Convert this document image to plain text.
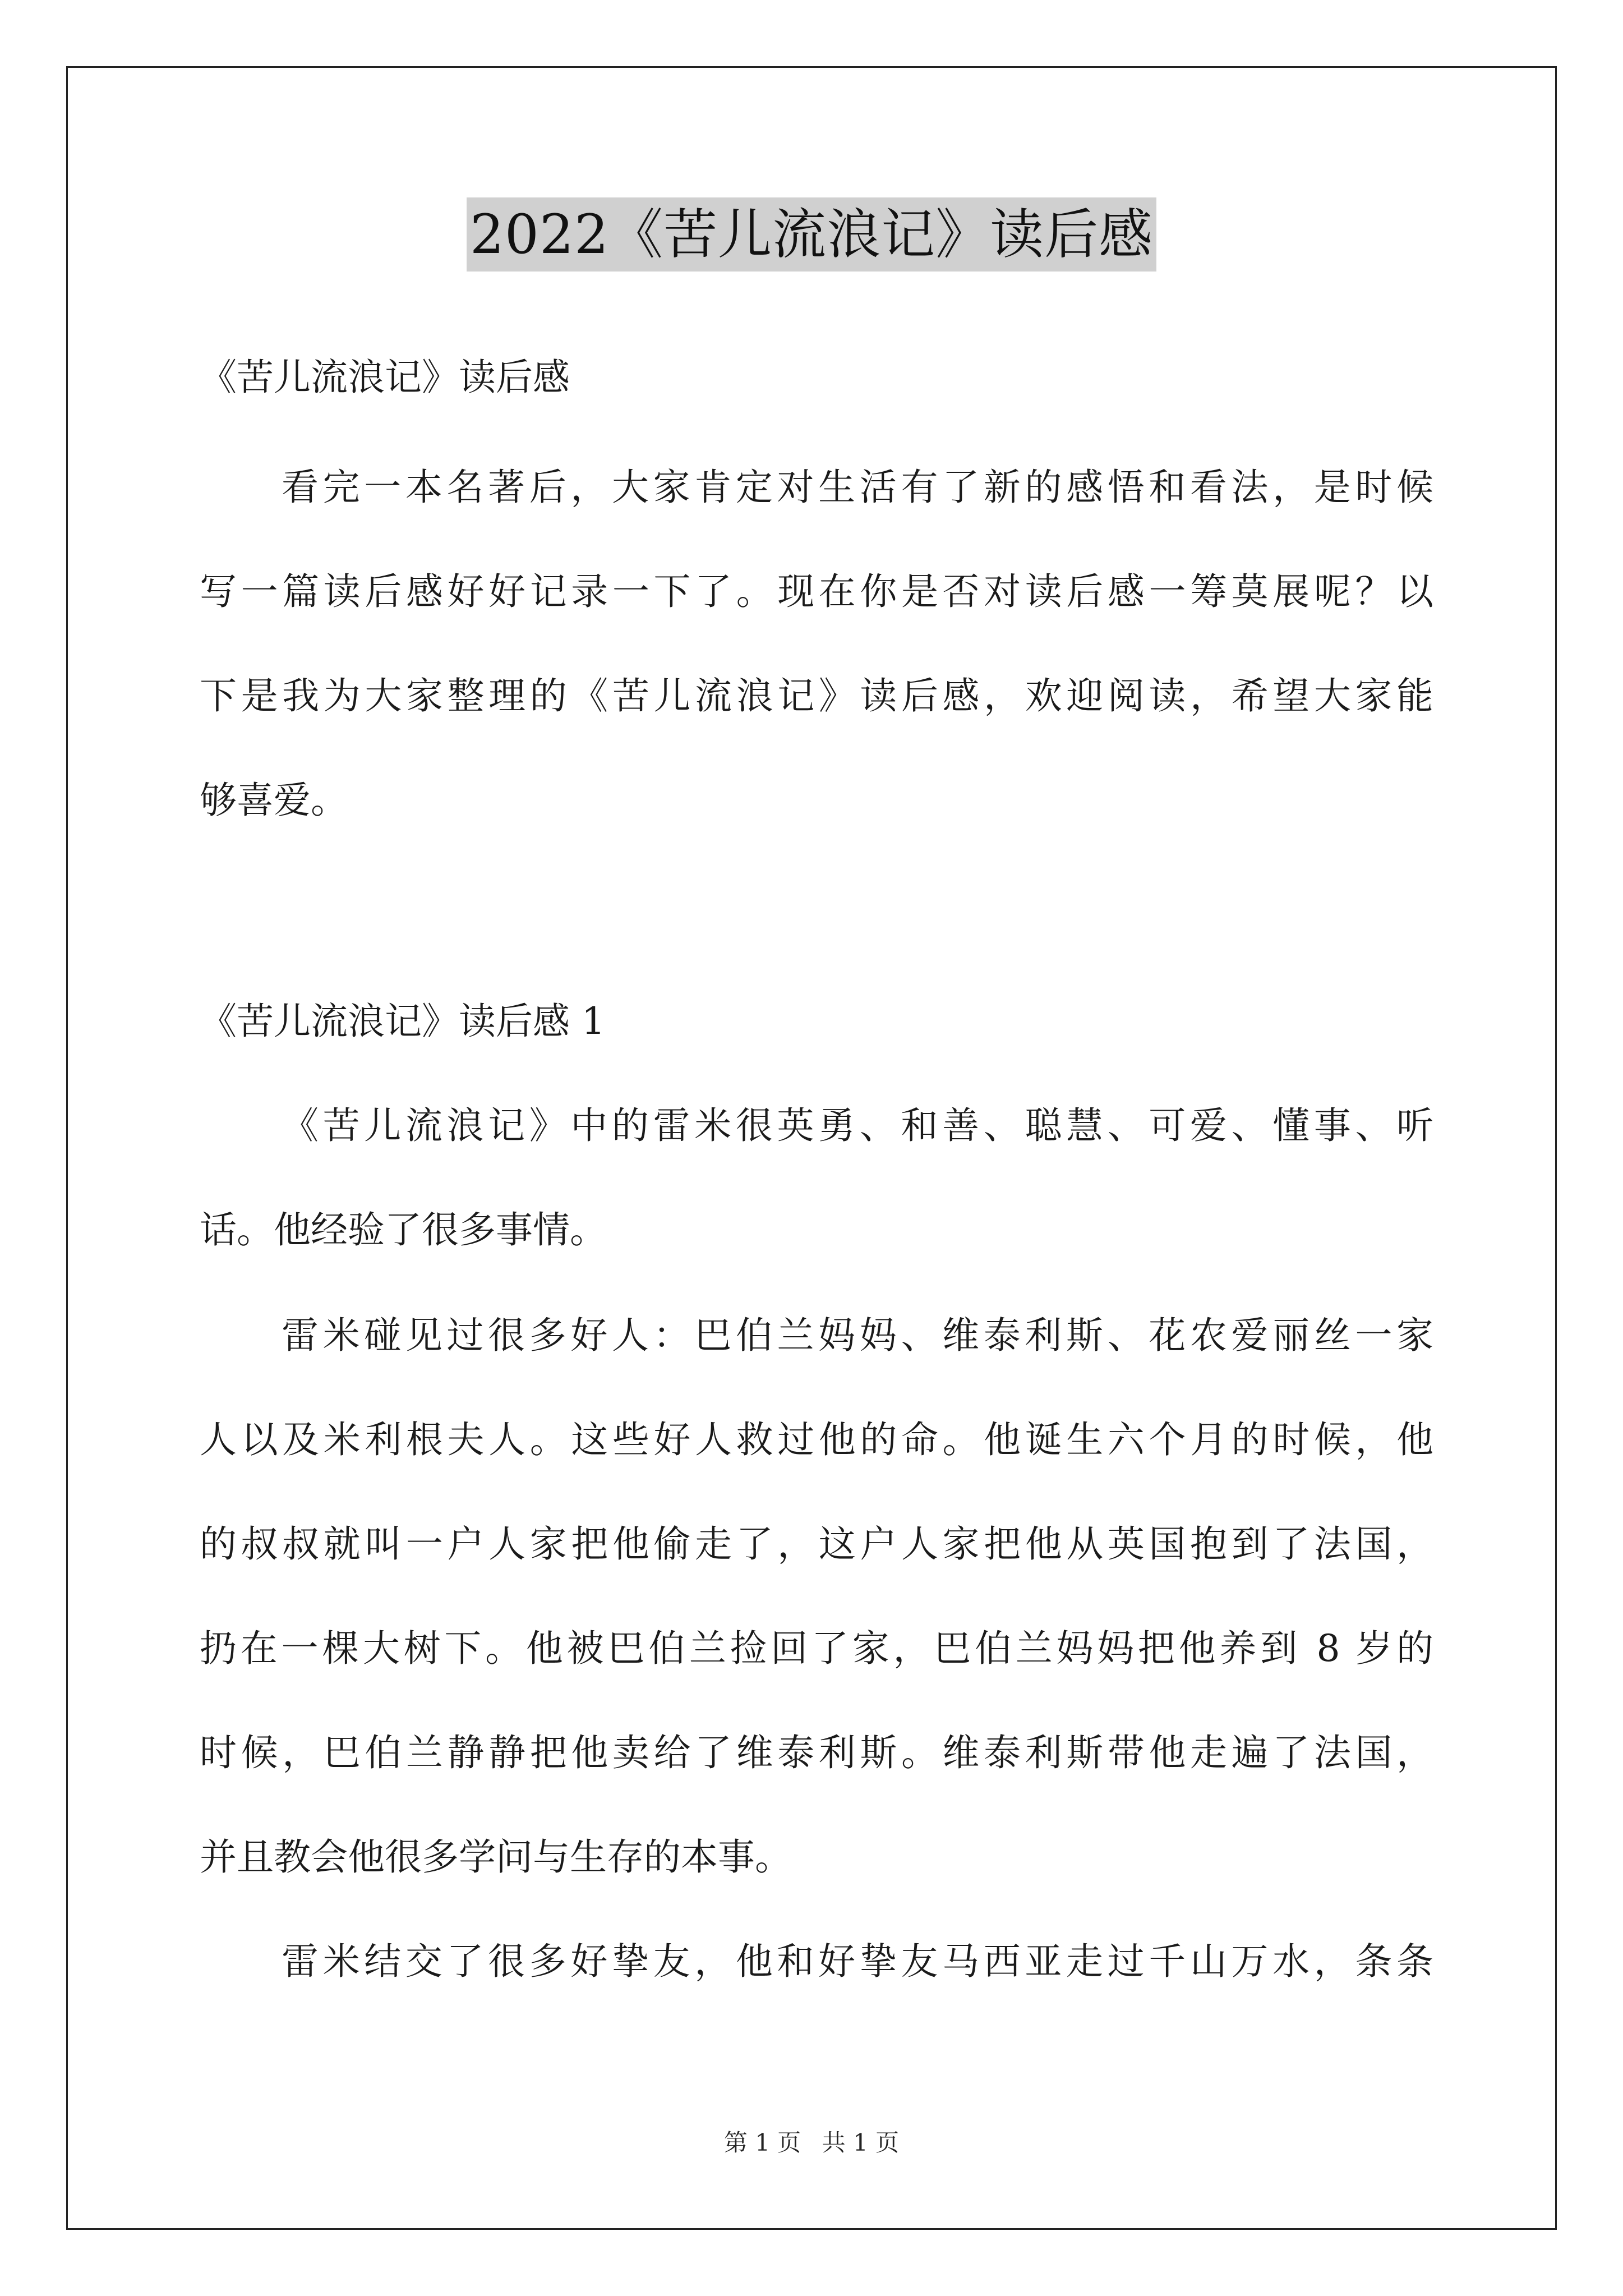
2022《苦儿流浪记》读后感
《苦儿流浪记》读后感
看完一本名著后，大家肯定对生活有了新的感悟和看法，是时候
写一篇读后感好好记录一下了。现在你是否对读后感一筹莫展呢？以
下是我为大家整理的《苦儿流浪记》读后感，欢迎阅读，希望大家能
够喜爱。
《苦儿流浪记》读后感 1
《苦儿流浪记》中的雷米很英勇、和善、聪慧、可爱、懂事、听
话。他经验了很多事情。
雷米碰见过很多好人：巴伯兰妈妈、维泰利斯、花农爱丽丝一家
人以及米利根夫人。这些好人救过他的命。他诞生六个月的时候，他
的叔叔就叫一户人家把他偷走了，这户人家把他从英国抱到了法国，
扔在一棵大树下。他被巴伯兰捡回了家，巴伯兰妈妈把他养到 8 岁的
时候，巴伯兰静静把他卖给了维泰利斯。维泰利斯带他走遍了法国，
并且教会他很多学问与生存的本事。
雷米结交了很多好挚友，他和好挚友马西亚走过千山万水，条条
第 1 页 共 1 页
